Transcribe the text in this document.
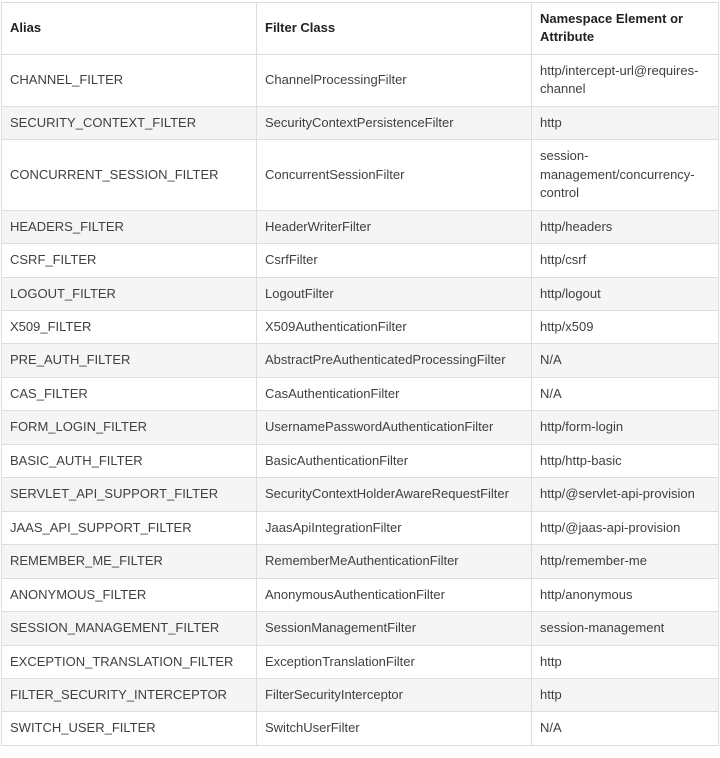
Alias	Filter Class	Namespace Element or Attribute
CHANNEL_FILTER	ChannelProcessingFilter	http/intercept-url@requires-channel
SECURITY_CONTEXT_FILTER	SecurityContextPersistenceFilter	http
CONCURRENT_SESSION_FILTER	ConcurrentSessionFilter	session-management/concurrency-control
HEADERS_FILTER	HeaderWriterFilter	http/headers
CSRF_FILTER	CsrfFilter	http/csrf
LOGOUT_FILTER	LogoutFilter	http/logout
X509_FILTER	X509AuthenticationFilter	http/x509
PRE_AUTH_FILTER	AbstractPreAuthenticatedProcessingFilter	N/A
CAS_FILTER	CasAuthenticationFilter	N/A
FORM_LOGIN_FILTER	UsernamePasswordAuthenticationFilter	http/form-login
BASIC_AUTH_FILTER	BasicAuthenticationFilter	http/http-basic
SERVLET_API_SUPPORT_FILTER	SecurityContextHolderAwareRequestFilter	http/@servlet-api-provision
JAAS_API_SUPPORT_FILTER	JaasApiIntegrationFilter	http/@jaas-api-provision
REMEMBER_ME_FILTER	RememberMeAuthenticationFilter	http/remember-me
ANONYMOUS_FILTER	AnonymousAuthenticationFilter	http/anonymous
SESSION_MANAGEMENT_FILTER	SessionManagementFilter	session-management
EXCEPTION_TRANSLATION_FILTER	ExceptionTranslationFilter	http
FILTER_SECURITY_INTERCEPTOR	FilterSecurityInterceptor	http
SWITCH_USER_FILTER	SwitchUserFilter	N/A
